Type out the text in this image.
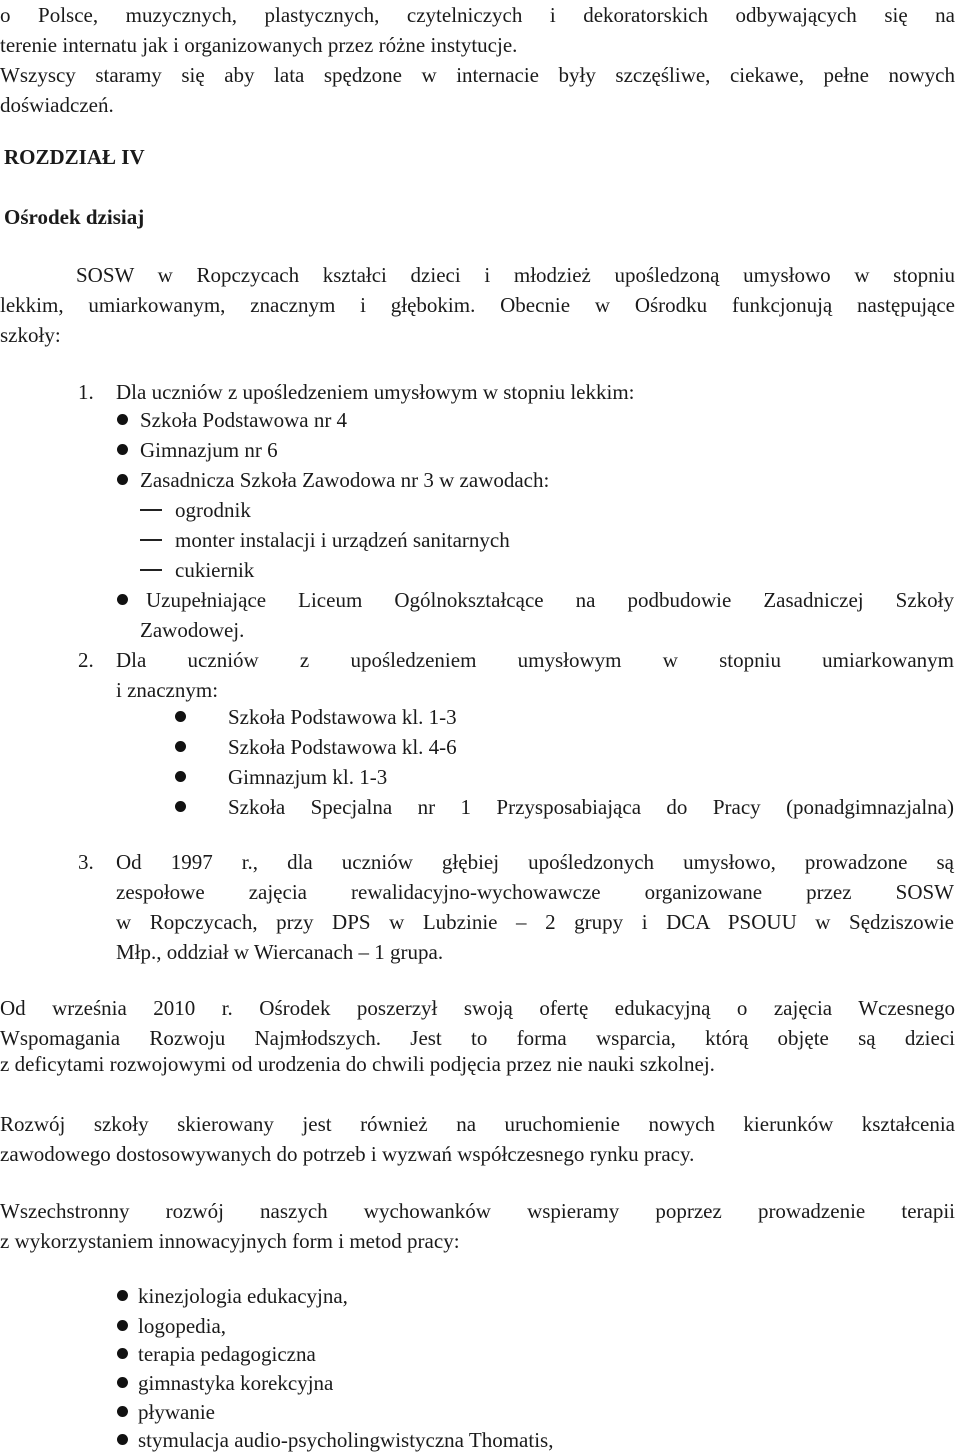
o Polsce, muzycznych, plastycznych, czytelniczych i dekoratorskich odbywających się na
terenie internatu jak i organizowanych przez różne instytucje.
Wszyscy staramy się aby lata spędzone w internacie były szczęśliwe, ciekawe, pełne nowych
doświadczeń.
ROZDZIAŁ IV
Ośrodek dzisiaj
SOSW w Ropczycach kształci dzieci i młodzież upośledzoną umysłowo w stopniu
lekkim, umiarkowanym, znacznym i głębokim. Obecnie w Ośrodku funkcjonują następujące
szkoły:
1. Dla uczniów z upośledzeniem umysłowym w stopniu lekkim:
Szkoła Podstawowa nr 4
Gimnazjum nr 6
Zasadnicza Szkoła Zawodowa nr 3 w zawodach:
ogrodnik
monter instalacji i urządzeń sanitarnych
cukiernik
Uzupełniające Liceum Ogólnokształcące na podbudowie Zasadniczej Szkoły
Zawodowej.
2. Dla uczniów z upośledzeniem umysłowym w stopniu umiarkowanym
i znacznym:
Szkoła Podstawowa kl. 1-3
Szkoła Podstawowa kl. 4-6
Gimnazjum kl. 1-3
Szkoła Specjalna nr 1 Przysposabiająca do Pracy (ponadgimnazjalna)
3. Od 1997 r., dla uczniów głębiej upośledzonych umysłowo, prowadzone są
zespołowe zajęcia rewalidacyjno-wychowawcze organizowane przez SOSW
w Ropczycach, przy DPS w Lubzinie – 2 grupy i DCA PSOUU w Sędziszowie
Młp., oddział w Wiercanach – 1 grupa.
Od września 2010 r. Ośrodek poszerzył swoją ofertę edukacyjną o zajęcia Wczesnego
Wspomagania Rozwoju Najmłodszych. Jest to forma wsparcia, którą objęte są dzieci
z deficytami rozwojowymi od urodzenia do chwili podjęcia przez nie nauki szkolnej.
Rozwój szkoły skierowany jest również na uruchomienie nowych kierunków kształcenia
zawodowego dostosowywanych do potrzeb i wyzwań współczesnego rynku pracy.
Wszechstronny rozwój naszych wychowanków wspieramy poprzez prowadzenie terapii
z wykorzystaniem innowacyjnych form i metod pracy:
kinezjologia edukacyjna,
logopedia,
terapia pedagogiczna
gimnastyka korekcyjna
pływanie
stymulacja audio-psycholingwistyczna Thomatis,
